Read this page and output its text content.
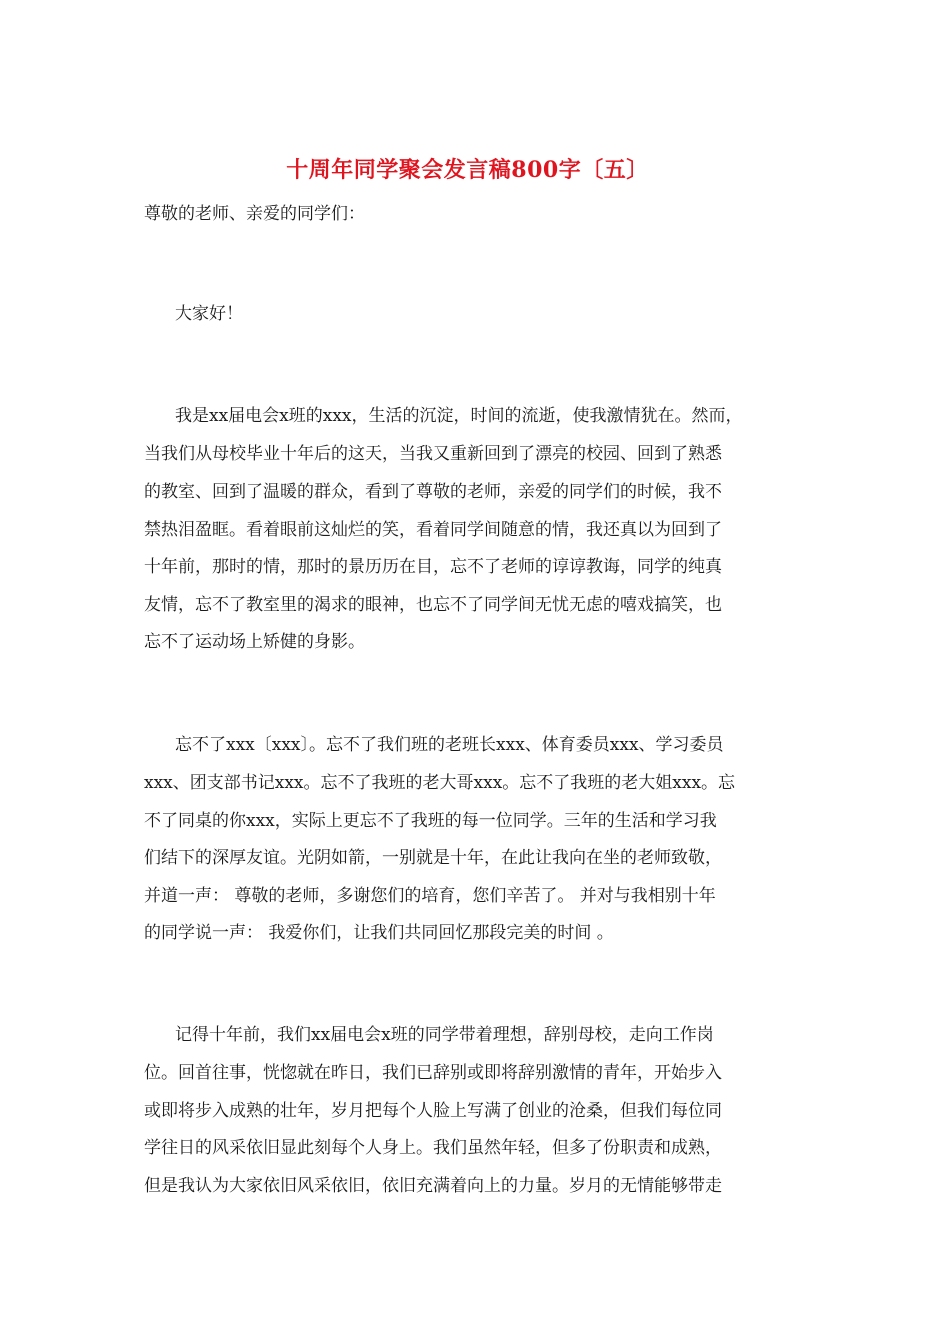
十周年同学聚会发言稿800字〔五〕
尊敬的老师、亲爱的同学们：
大家好！
我是xx届电会x班的xxx，生活的沉淀，时间的流逝，使我激情犹在。然而，
当我们从母校毕业十年后的这天，当我又重新回到了漂亮的校园、回到了熟悉
的教室、回到了温暖的群众，看到了尊敬的老师，亲爱的同学们的时候，我不
禁热泪盈眶。看着眼前这灿烂的笑，看着同学间随意的情，我还真以为回到了
十年前，那时的情，那时的景历历在目，忘不了老师的谆谆教诲，同学的纯真
友情，忘不了教室里的渴求的眼神，也忘不了同学间无忧无虑的嘻戏搞笑，也
忘不了运动场上矫健的身影。
忘不了xxx〔xxx〕。忘不了我们班的老班长xxx、体育委员xxx、学习委员
xxx、团支部书记xxx。忘不了我班的老大哥xxx。忘不了我班的老大姐xxx。忘
不了同桌的你xxx，实际上更忘不了我班的每一位同学。三年的生活和学习我
们结下的深厚友谊。光阴如箭，一别就是十年，在此让我向在坐的老师致敬，
并道一声： 尊敬的老师，多谢您们的培育，您们辛苦了。 并对与我相别十年
的同学说一声： 我爱你们，让我们共同回忆那段完美的时间 。
记得十年前，我们xx届电会x班的同学带着理想，辞别母校，走向工作岗
位。回首往事，恍惚就在昨日，我们已辞别或即将辞别激情的青年，开始步入
或即将步入成熟的壮年，岁月把每个人脸上写满了创业的沧桑，但我们每位同
学往日的风采依旧显此刻每个人身上。我们虽然年轻，但多了份职责和成熟，
但是我认为大家依旧风采依旧，依旧充满着向上的力量。岁月的无情能够带走
